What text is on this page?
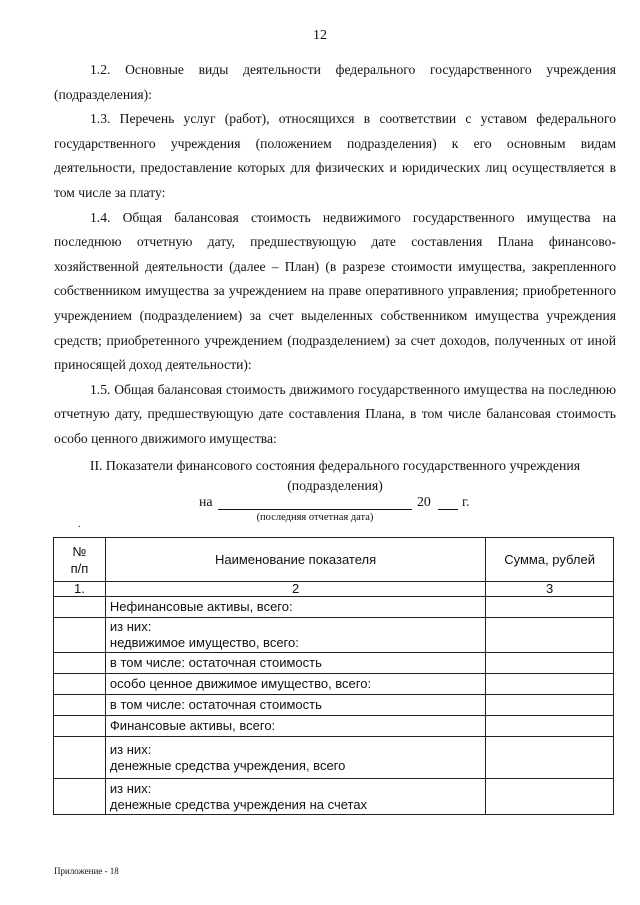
12

1.2. Основные виды деятельности федерального государственного учреждения (подразделения):

1.3. Перечень услуг (работ), относящихся в соответствии с уставом федерального государственного учреждения (положением подразделения) к его основным видам деятельности, предоставление которых для физических и юридических лиц осуществляется в том числе за плату:

1.4. Общая балансовая стоимость недвижимого государственного имущества на последнюю отчетную дату, предшествующую дате составления Плана финансово-хозяйственной деятельности (далее – План) (в разрезе стоимости имущества, закрепленного собственником имущества за учреждением на праве оперативного управления; приобретенного учреждением (подразделением) за счет выделенных собственником имущества учреждения средств; приобретенного учреждением (подразделением) за счет доходов, полученных от иной приносящей доход деятельности):

1.5. Общая балансовая стоимость движимого государственного имущества на последнюю отчетную дату, предшествующую дате составления Плана, в том числе балансовая стоимость особо ценного движимого имущества:

II. Показатели финансового состояния федерального государственного учреждения
(подразделения)
на	20 г.
(последняя отчетная дата)
.
№
п/п	Наименование показателя	Сумма, рублей
1.	2	3

	Нефинансовые активы, всего:	

	из них:
недвижимое имущество, всего:	

	в том числе: остаточная стоимость	

	особо ценное движимое имущество, всего:	

	в том числе: остаточная стоимость	

	Финансовые активы, всего:	

	из них:
денежные средства учреждения, всего	

	из них:
денежные средства учреждения на счетах	

Приложение - 18
